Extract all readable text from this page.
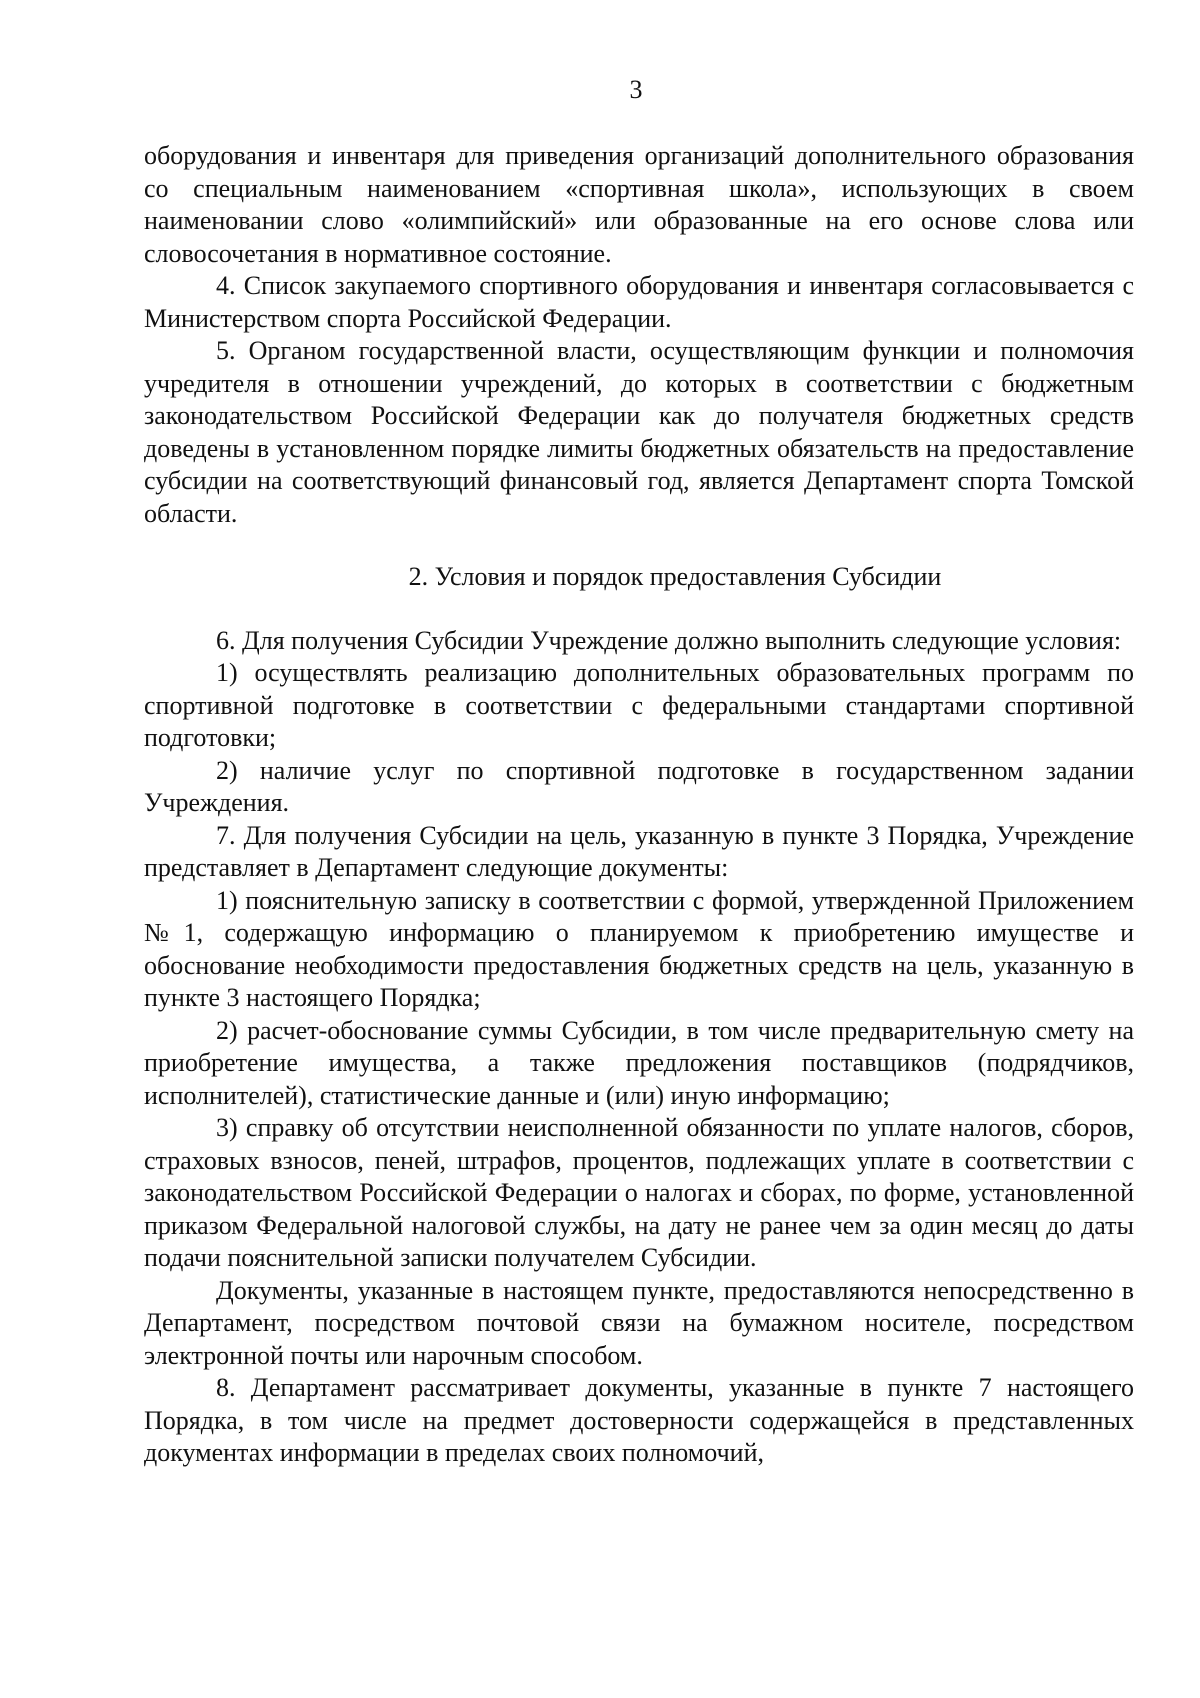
3

оборудования и инвентаря для приведения организаций дополнительного образования со специальным наименованием «спортивная школа», использующих в своем наименовании слово «олимпийский» или образованные на его основе слова или словосочетания в нормативное состояние.

4. Список закупаемого спортивного оборудования и инвентаря согласовывается с Министерством спорта Российской Федерации.

5. Органом государственной власти, осуществляющим функции и полномочия учредителя в отношении учреждений, до которых в соответствии с бюджетным законодательством Российской Федерации как до получателя бюджетных средств доведены в установленном порядке лимиты бюджетных обязательств на предоставление субсидии на соответствующий финансовый год, является Департамент спорта Томской области.

2. Условия и порядок предоставления Субсидии

6. Для получения Субсидии Учреждение должно выполнить следующие условия:

1) осуществлять реализацию дополнительных образовательных программ по спортивной подготовке в соответствии с федеральными стандартами спортивной подготовки;

2) наличие услуг по спортивной подготовке в государственном задании Учреждения.

7. Для получения Субсидии на цель, указанную в пункте 3 Порядка, Учреждение представляет в Департамент следующие документы:

1) пояснительную записку в соответствии с формой, утвержденной Приложением №1, содержащую информацию о планируемом к приобретению имуществе и обоснование необходимости предоставления бюджетных средств на цель, указанную в пункте 3 настоящего Порядка;

2) расчет-обоснование суммы Субсидии, в том числе предварительную смету на приобретение имущества, а также предложения поставщиков (подрядчиков, исполнителей), статистические данные и (или) иную информацию;

3) справку об отсутствии неисполненной обязанности по уплате налогов, сборов, страховых взносов, пеней, штрафов, процентов, подлежащих уплате в соответствии с законодательством Российской Федерации о налогах и сборах, по форме, установленной приказом Федеральной налоговой службы, на дату не ранее чем за один месяц до даты подачи пояснительной записки получателем Субсидии.

Документы, указанные в настоящем пункте, предоставляются непосредственно в Департамент, посредством почтовой связи на бумажном носителе, посредством электронной почты или нарочным способом.

8. Департамент рассматривает документы, указанные в пункте 7 настоящего Порядка, в том числе на предмет достоверности содержащейся в представленных документах информации в пределах своих полномочий,
